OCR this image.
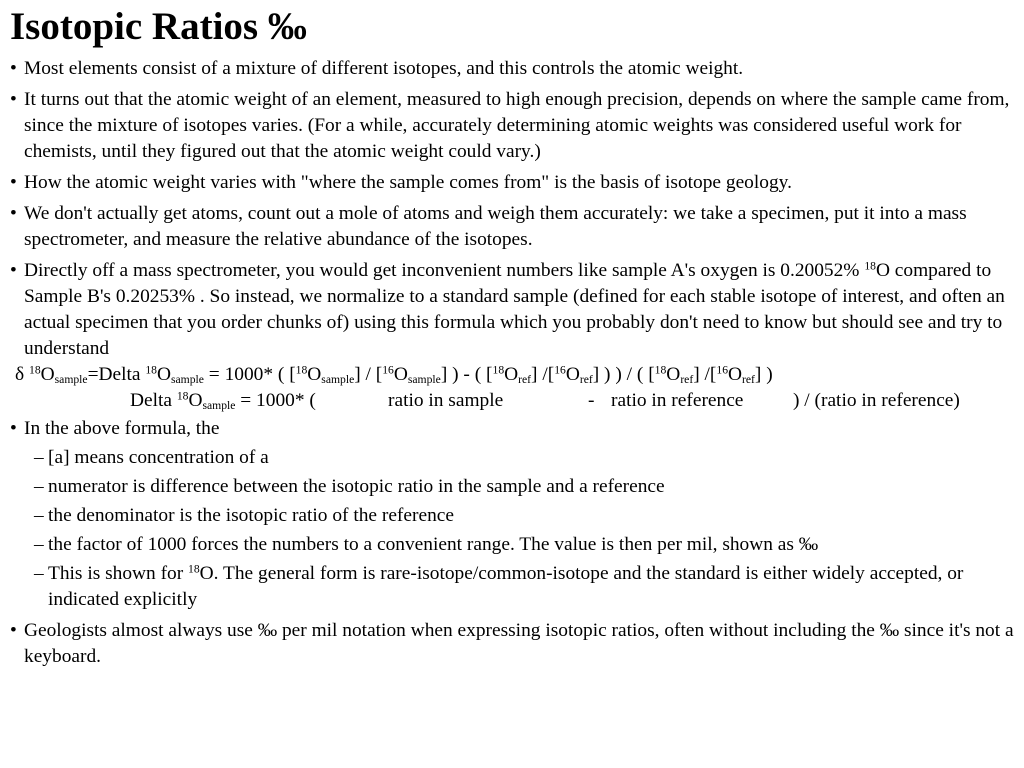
Isotopic Ratios ‰
• Most elements consist of a mixture of different isotopes, and this controls the atomic weight.
• It turns out that the atomic weight of an element, measured to high enough precision, depends on where the sample came from, since the mixture of isotopes varies. (For a while, accurately determining atomic weights was considered useful work for chemists, until they figured out that the atomic weight could vary.)
• How the atomic weight varies with "where the sample comes from" is the basis of isotope geology.
• We don't actually get atoms, count out a mole of atoms and weigh them accurately: we take a specimen, put it into a mass spectrometer, and measure the relative abundance of the isotopes.
• Directly off a mass spectrometer, you would get inconvenient numbers like sample A's oxygen is 0.20052% $^{18}$O compared to Sample B's 0.20253% . So instead, we normalize to a standard sample (defined for each stable isotope of interest, and often an actual specimen that you order chunks of) using this formula which you probably don't need to know but should see and try to understand
δ $^{18}O_{sample}=Delta$ $^{18}O_{sample} = 1000*$ ( $[^{18}O_{sample}] / [^{16}O_{sample}]$ ) - ( $[^{18}O_{ref}]$ $/[^{16}O_{ref}]$ ) ) / ( $[^{18}O_{ref}]$ $/[^{16}O_{ref}]$ )
Delta $^{18}O_{sample} = 1000*$ (	ratio in sample	- ratio in reference	) / (ratio in reference)
• In the above formula, the
– [a] means concentration of a
– numerator is difference between the isotopic ratio in the sample and a reference
– the denominator is the isotopic ratio of the reference
– the factor of 1000 forces the numbers to a convenient range. The value is then per mil, shown as ‰
– This is shown for $^{18}$O. The general form is rare-isotope/common-isotope and the standard is either widely accepted, or indicated explicitly
• Geologists almost always use ‰ per mil notation when expressing isotopic ratios, often without including the ‰ since it's not a keyboard.
